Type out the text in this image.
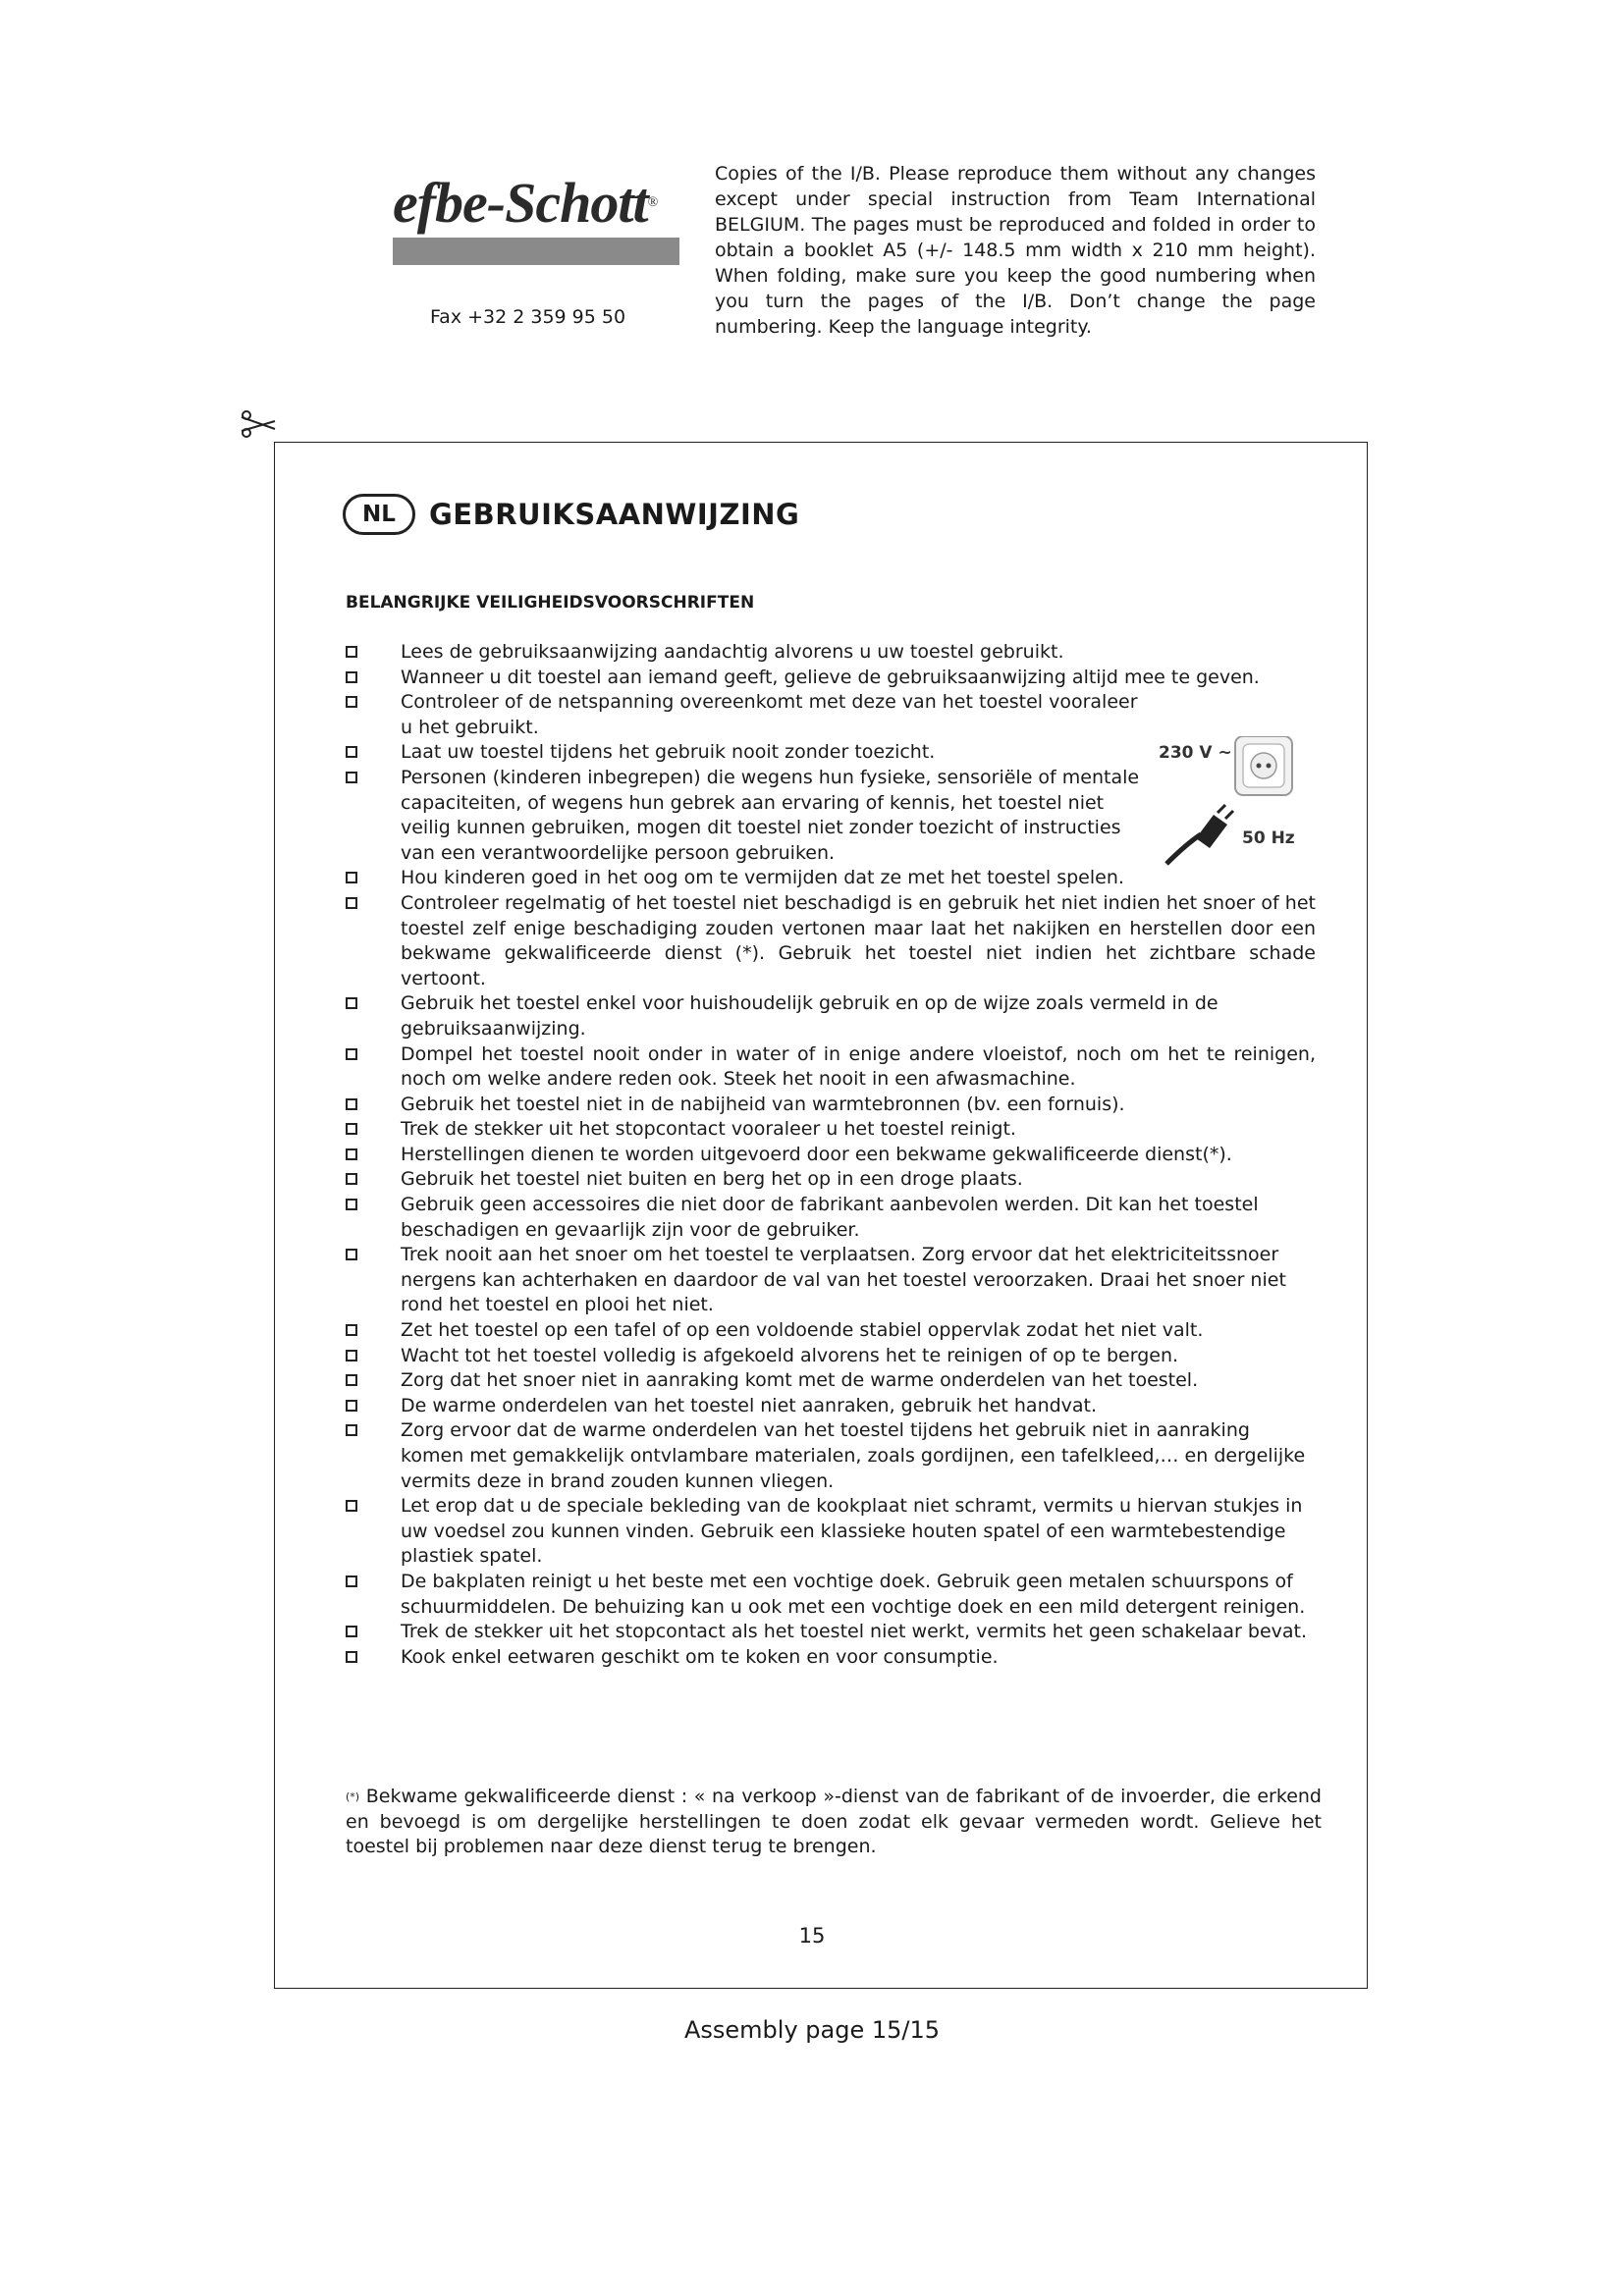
efbe-Schott®
Fax +32 2 359 95 50
Copies of the I/B. Please reproduce them without any changes except under special instruction from Team International BELGIUM. The pages must be reproduced and folded in order to obtain a booklet A5 (+/- 148.5 mm width x 210 mm height). When folding, make sure you keep the good numbering when you turn the pages of the I/B. Don’t change the page numbering. Keep the language integrity.
NL	GEBRUIKSAANWIJZING
BELANGRIJKE VEILIGHEIDSVOORSCHRIFTEN
230 V ~
50 Hz
Lees de gebruiksaanwijzing aandachtig alvorens u uw toestel gebruikt.
Wanneer u dit toestel aan iemand geeft, gelieve de gebruiksaanwijzing altijd mee te geven.
Controleer of de netspanning overeenkomt met deze van het toestel vooraleer u het gebruikt.
Laat uw toestel tijdens het gebruik nooit zonder toezicht.
Personen (kinderen inbegrepen) die wegens hun fysieke, sensoriële of mentale capaciteiten, of wegens hun gebrek aan ervaring of kennis, het toestel niet veilig kunnen gebruiken, mogen dit toestel niet zonder toezicht of instructies van een verantwoordelijke persoon gebruiken.
Hou kinderen goed in het oog om te vermijden dat ze met het toestel spelen.
Controleer regelmatig of het toestel niet beschadigd is en gebruik het niet indien het snoer of het toestel zelf enige beschadiging zouden vertonen maar laat het nakijken en herstellen door een bekwame gekwalificeerde dienst (*). Gebruik het toestel niet indien het zichtbare schade vertoont.
Gebruik het toestel enkel voor huishoudelijk gebruik en op de wijze zoals vermeld in de gebruiksaanwijzing.
Dompel het toestel nooit onder in water of in enige andere vloeistof, noch om het te reinigen, noch om welke andere reden ook. Steek het nooit in een afwasmachine.
Gebruik het toestel niet in de nabijheid van warmtebronnen (bv. een fornuis).
Trek de stekker uit het stopcontact vooraleer u het toestel reinigt.
Herstellingen dienen te worden uitgevoerd door een bekwame gekwalificeerde dienst(*).
Gebruik het toestel niet buiten en berg het op in een droge plaats.
Gebruik geen accessoires die niet door de fabrikant aanbevolen werden. Dit kan het toestel beschadigen en gevaarlijk zijn voor de gebruiker.
Trek nooit aan het snoer om het toestel te verplaatsen. Zorg ervoor dat het elektriciteitssnoer nergens kan achterhaken en daardoor de val van het toestel veroorzaken. Draai het snoer niet rond het toestel en plooi het niet.
Zet het toestel op een tafel of op een voldoende stabiel oppervlak zodat het niet valt.
Wacht tot het toestel volledig is afgekoeld alvorens het te reinigen of op te bergen.
Zorg dat het snoer niet in aanraking komt met de warme onderdelen van het toestel.
De warme onderdelen van het toestel niet aanraken, gebruik het handvat.
Zorg ervoor dat de warme onderdelen van het toestel tijdens het gebruik niet in aanraking komen met gemakkelijk ontvlambare materialen, zoals gordijnen, een tafelkleed,… en dergelijke vermits deze in brand zouden kunnen vliegen.
Let erop dat u de speciale bekleding van de kookplaat niet schramt, vermits u hiervan stukjes in uw voedsel zou kunnen vinden. Gebruik een klassieke houten spatel of een warmtebestendige plastiek spatel.
De bakplaten reinigt u het beste met een vochtige doek. Gebruik geen metalen schuurspons of schuurmiddelen. De behuizing kan u ook met een vochtige doek en een mild detergent reinigen.
Trek de stekker uit het stopcontact als het toestel niet werkt, vermits het geen schakelaar bevat.
Kook enkel eetwaren geschikt om te koken en voor consumptie.
(*) Bekwame gekwalificeerde dienst : « na verkoop »-dienst van de fabrikant of de invoerder, die erkend en bevoegd is om dergelijke herstellingen te doen zodat elk gevaar vermeden wordt. Gelieve het toestel bij problemen naar deze dienst terug te brengen.
15
Assembly page 15/15
